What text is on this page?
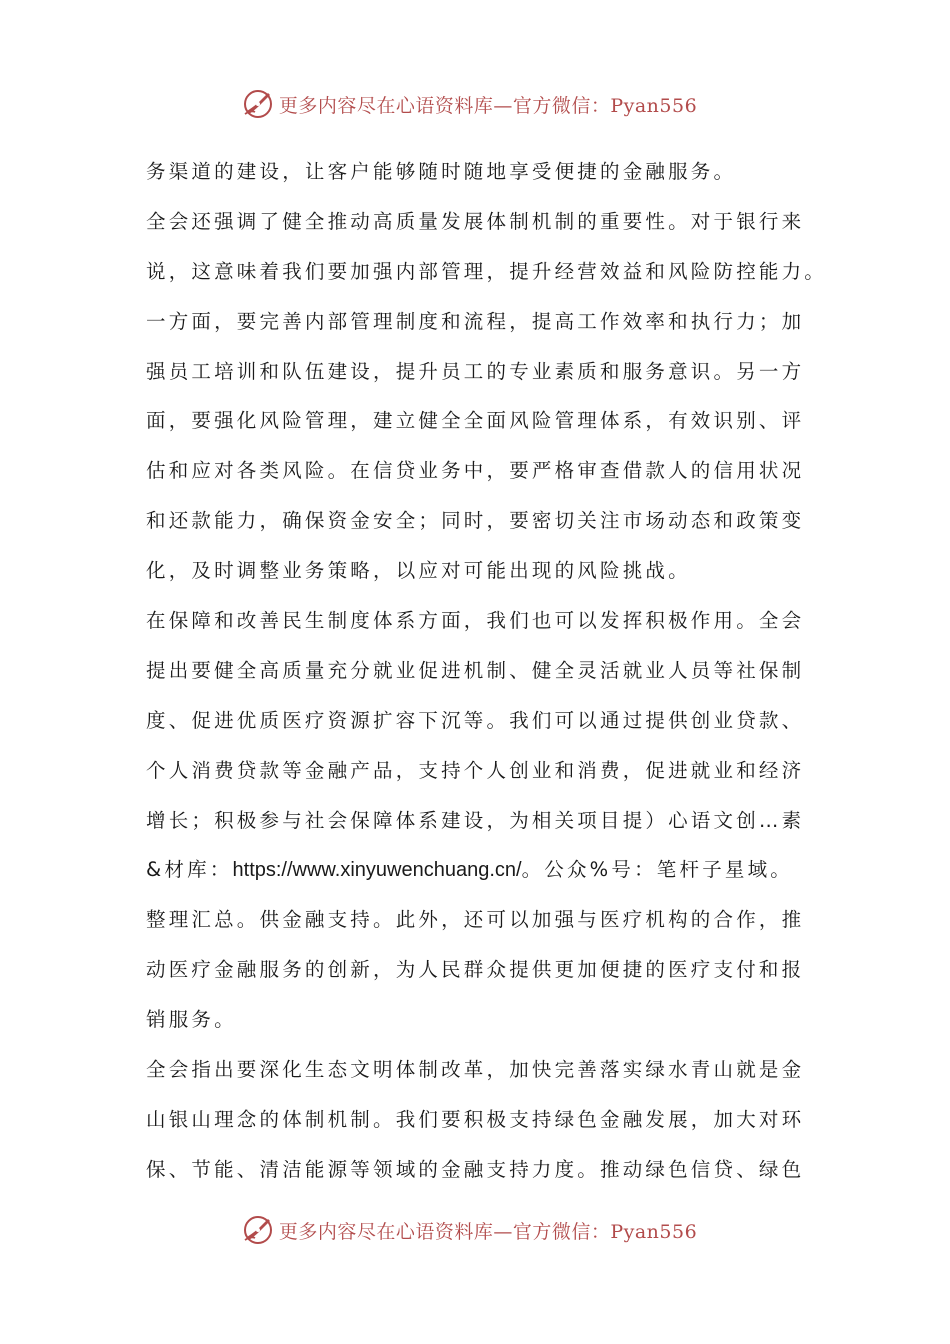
更多内容尽在心语资料库—官方微信：Pyan556
务渠道的建设，让客户能够随时随地享受便捷的金融服务。
全会还强调了健全推动高质量发展体制机制的重要性。对于银行来
说，这意味着我们要加强内部管理，提升经营效益和风险防控能力。
一方面，要完善内部管理制度和流程，提高工作效率和执行力；加
强员工培训和队伍建设，提升员工的专业素质和服务意识。另一方
面，要强化风险管理，建立健全全面风险管理体系，有效识别、评
估和应对各类风险。在信贷业务中，要严格审查借款人的信用状况
和还款能力，确保资金安全；同时，要密切关注市场动态和政策变
化，及时调整业务策略，以应对可能出现的风险挑战。
在保障和改善民生制度体系方面，我们也可以发挥积极作用。全会
提出要健全高质量充分就业促进机制、健全灵活就业人员等社保制
度、促进优质医疗资源扩容下沉等。我们可以通过提供创业贷款、
个人消费贷款等金融产品，支持个人创业和消费，促进就业和经济
增长；积极参与社会保障体系建设，为相关项目提）心语文创…素
&材库：https://www.xinyuwenchuang.cn/。公众%号：笔杆子星域。
整理汇总。供金融支持。此外，还可以加强与医疗机构的合作，推
动医疗金融服务的创新，为人民群众提供更加便捷的医疗支付和报
销服务。
全会指出要深化生态文明体制改革，加快完善落实绿水青山就是金
山银山理念的体制机制。我们要积极支持绿色金融发展，加大对环
保、节能、清洁能源等领域的金融支持力度。推动绿色信贷、绿色
更多内容尽在心语资料库—官方微信：Pyan556
